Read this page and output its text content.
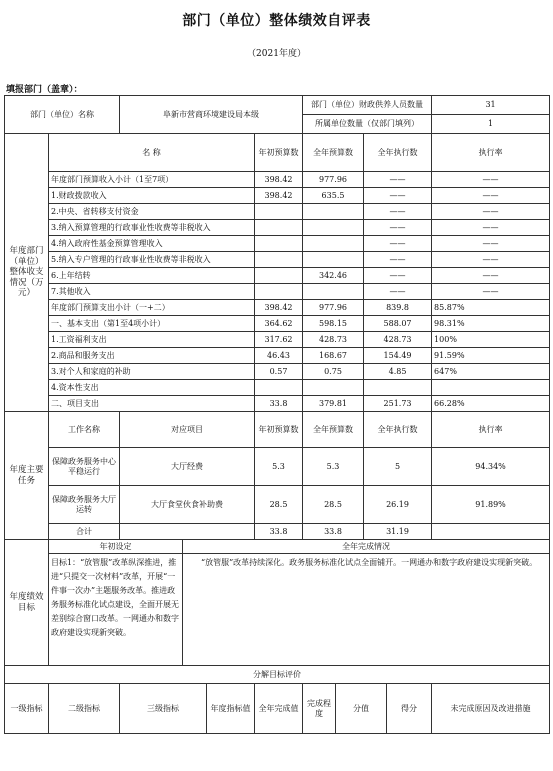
部门（单位）整体绩效自评表
（2021年度）
填报部门（盖章）：
部门（单位）名称		阜新市营商环境建设局本级				部门（单位）财政供养人员数量				31
						所属单位数量（仅部门填列）				1
年度部门（单位）整体收支情况（万元）	名 称				年初预算数	全年预算数		全年执行数		执行率
	年度部门预算收入小计（1至7项）				398.42	977.96		——		——
	1.财政拨款收入				398.42	635.5		——		——
	2.中央、省转移支付资金							——		——
	3.纳入预算管理的行政事业性收费等非税收入							——		——
	4.纳入政府性基金预算管理收入							——		——
	5.纳入专户管理的行政事业性收费等非税收入							——		——
	6.上年结转					342.46		——		——
	7.其他收入							——		——
	年度部门预算支出小计（一+二）				398.42	977.96		839.8		85.87%
	一、基本支出（第1至4项小计）				364.62	598.15		588.07		98.31%
	1.工资福利支出				317.62	428.73		428.73		100%
	2.商品和服务支出				46.43	168.67		154.49		91.59%
	3.对个人和家庭的补助				0.57	0.75		4.85		647%
	4.资本性支出									
	二、项目支出				33.8	379.81		251.73		66.28%
年度主要任务	工作名称	对应项目			年初预算数	全年预算数		全年执行数		执行率
	保障政务服务中心平稳运行	大厅经费			5.3	5.3		5		94.34%
	保障政务服务大厅运转	大厅食堂伙食补助费			28.5	28.5		26.19		91.89%
	合计				33.8	33.8		31.19		
年度绩效目标	年初设定		全年完成情况							
	目标1：“放管服”改革纵深推进，推进“只提交一次材料”改革，开展“一件事一次办”主题服务改革。推进政务服务标准化试点建设，全面开展无差别综合窗口改革。一网通办和数字政府建设实现新突破。		“放管服”改革持续深化。政务服务标准化试点全面铺开。一网通办和数字政府建设实现新突破。							
分解目标评价										
一级指标	二级指标	三级指标		年度指标值	全年完成值	完成程度	分值		得分	未完成原因及改进措施
